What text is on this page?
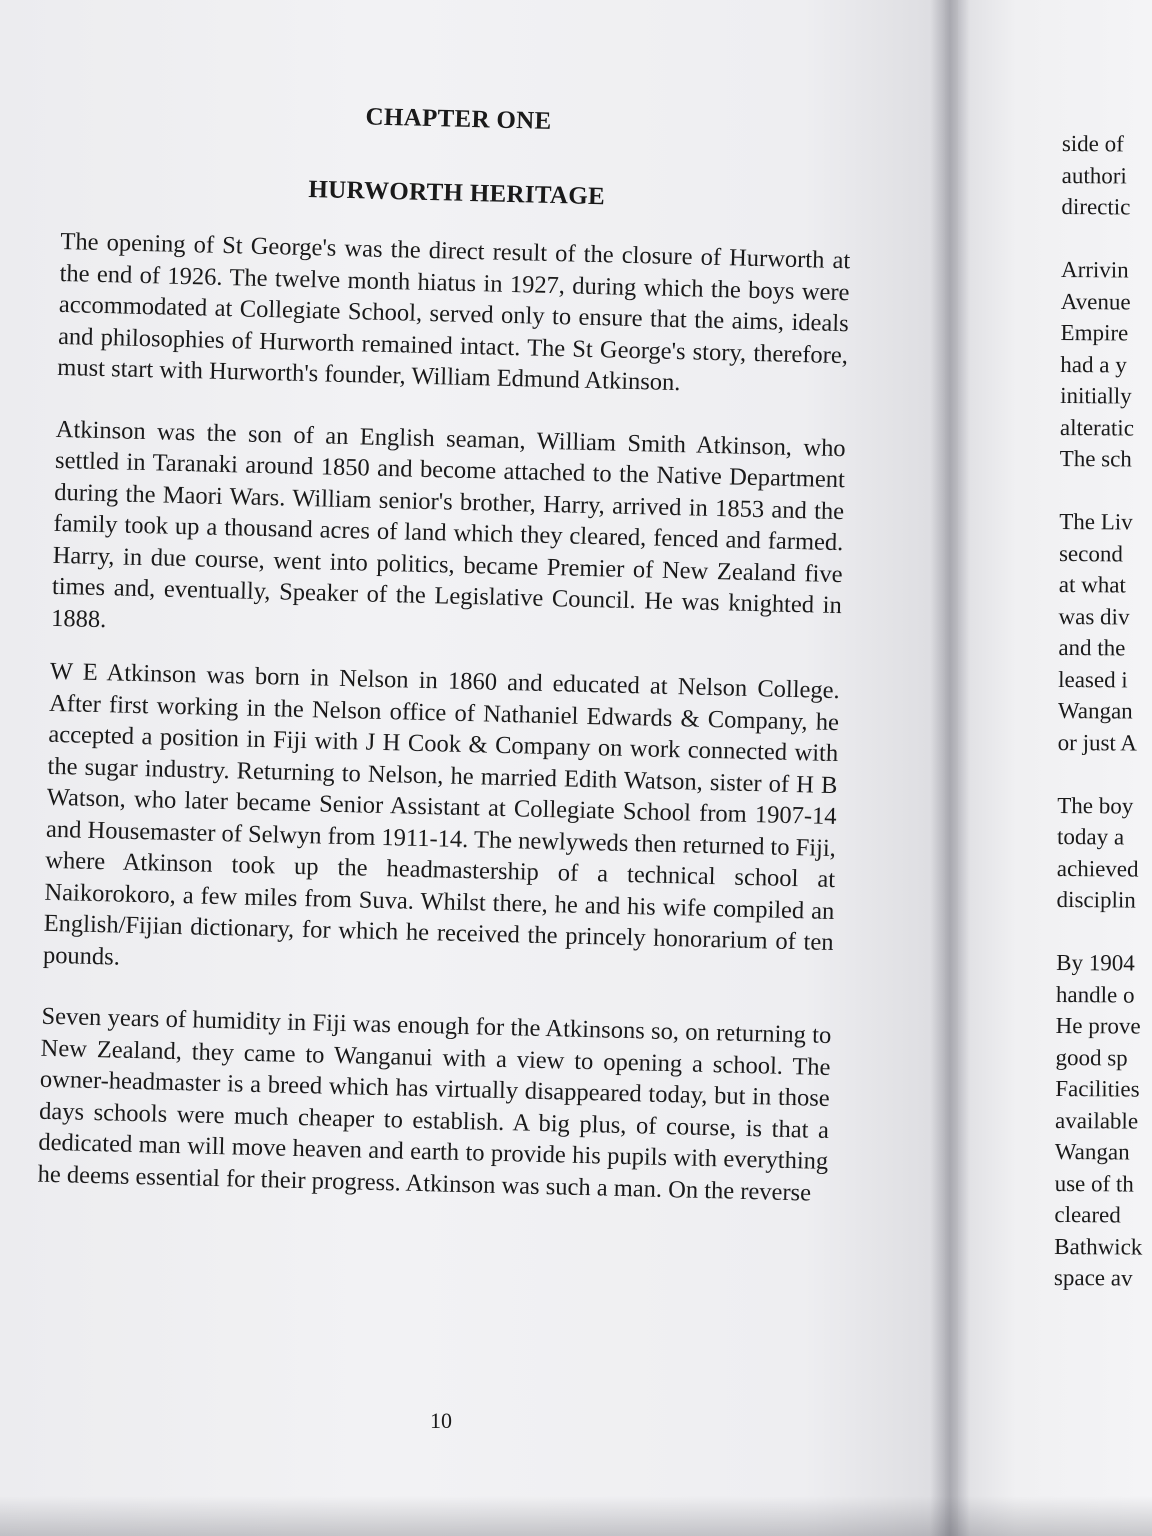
CHAPTER ONE
HURWORTH HERITAGE

The opening of St George's was the direct result of the closure of Hurworth at the end of 1926. The twelve month hiatus in 1927, during which the boys were accommodated at Collegiate School, served only to ensure that the aims, ideals and philosophies of Hurworth remained intact. The St George's story, therefore, must start with Hurworth's founder, William Edmund Atkinson.

Atkinson was the son of an English seaman, William Smith Atkinson, who settled in Taranaki around 1850 and become attached to the Native Department during the Maori Wars. William senior's brother, Harry, arrived in 1853 and the family took up a thousand acres of land which they cleared, fenced and farmed. Harry, in due course, went into politics, became Premier of New Zealand five times and, eventually, Speaker of the Legislative Council. He was knighted in 1888.

W E Atkinson was born in Nelson in 1860 and educated at Nelson College. After first working in the Nelson office of Nathaniel Edwards & Company, he accepted a position in Fiji with J H Cook & Company on work connected with the sugar industry. Returning to Nelson, he married Edith Watson, sister of H B Watson, who later became Senior Assistant at Collegiate School from 1907-14 and Housemaster of Selwyn from 1911-14. The newlyweds then returned to Fiji, where Atkinson took up the headmastership of a technical school at Naikorokoro, a few miles from Suva. Whilst there, he and his wife compiled an English/Fijian dictionary, for which he received the princely honorarium of ten pounds.

Seven years of humidity in Fiji was enough for the Atkinsons so, on returning to New Zealand, they came to Wanganui with a view to opening a school. The owner-headmaster is a breed which has virtually disappeared today, but in those days schools were much cheaper to establish. A big plus, of course, is that a dedicated man will move heaven and earth to provide his pupils with everything he deems essential for their progress. Atkinson was such a man. On the reverse

10
side of
authori
directic
Arrivin
Avenue
Empire
had a y
initially
alteratic
The sch
The Liv
second
at what
was div
and the
leased i
Wangan
or just A
The boy
today a
achieved
disciplin
By 1904
handle o
He prove
good sp
Facilities
available
Wangan
use of th
cleared
Bathwick
space av
